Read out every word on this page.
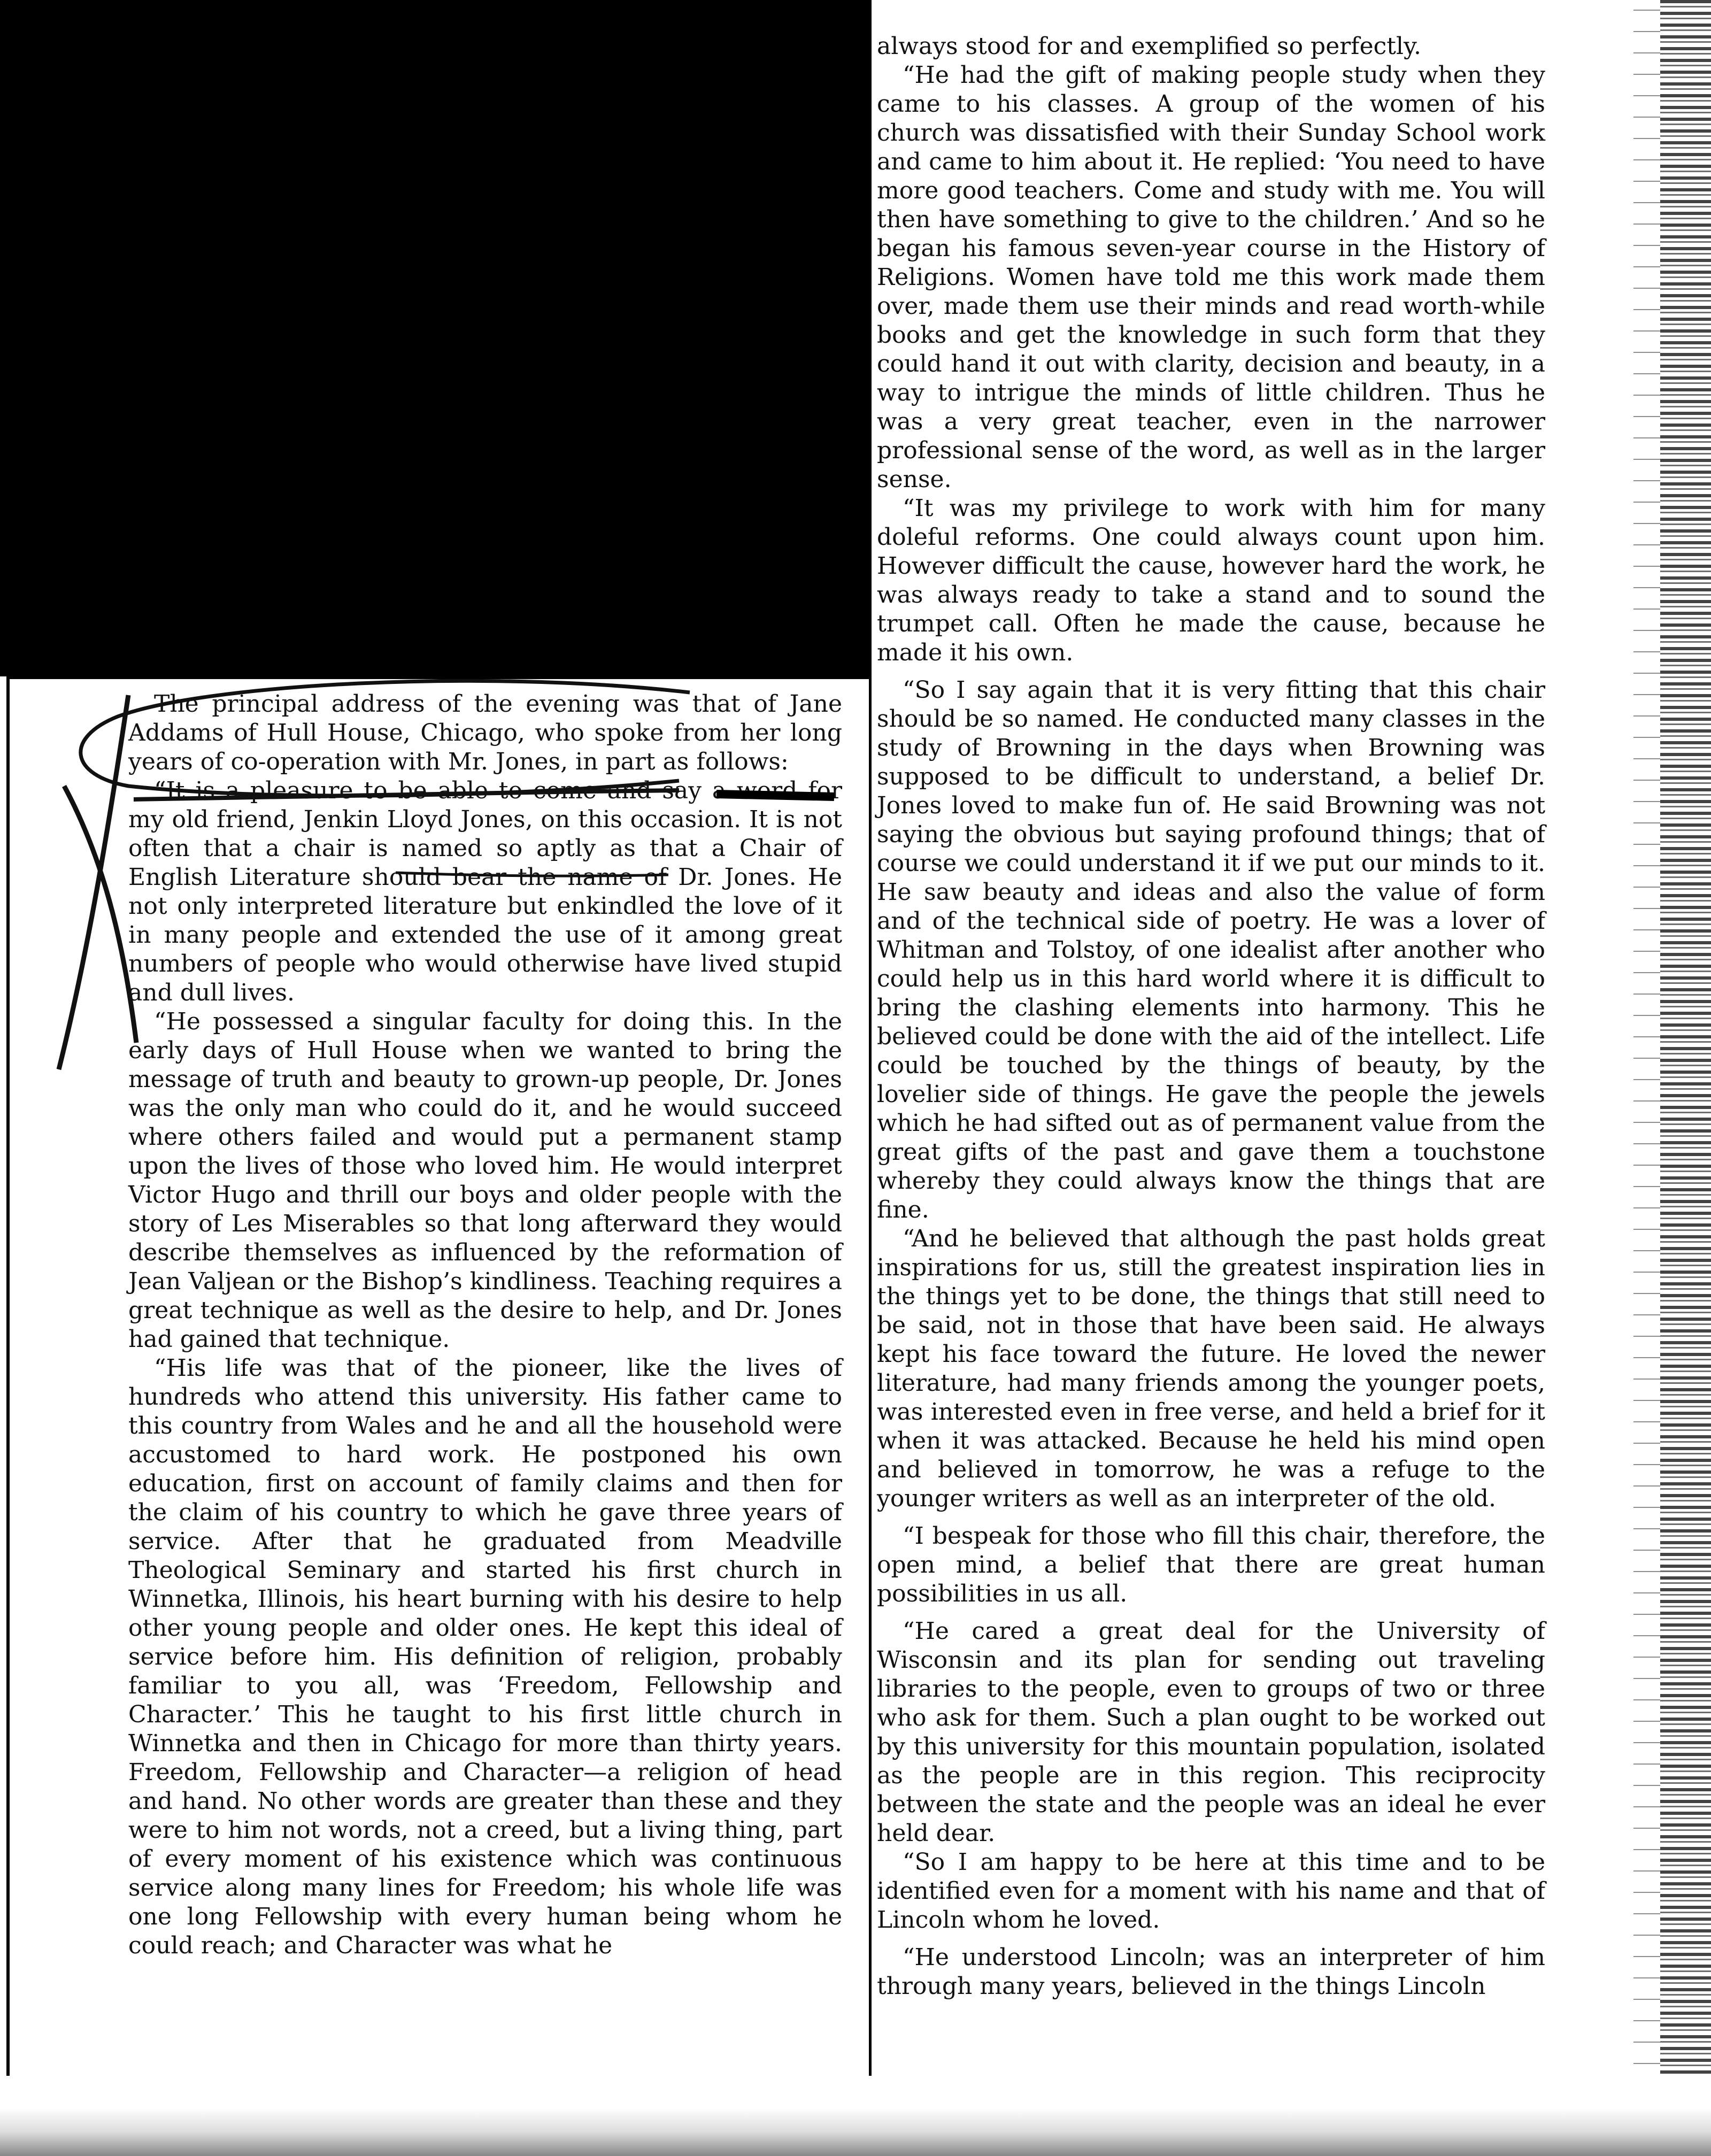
The principal address of the evening was that of Jane Addams of Hull House, Chicago, who spoke from her long years of co-operation with Mr. Jones, in part as follows:

“It is a pleasure to be able to come and say a word for my old friend, Jenkin Lloyd Jones, on this occasion. It is not often that a chair is named so aptly as that a Chair of English Literature should bear the name of Dr. Jones. He not only interpreted literature but enkindled the love of it in many people and extended the use of it among great numbers of people who would otherwise have lived stupid and dull lives.

“He possessed a singular faculty for doing this. In the early days of Hull House when we wanted to bring the message of truth and beauty to grown-up people, Dr. Jones was the only man who could do it, and he would succeed where others failed and would put a permanent stamp upon the lives of those who loved him. He would interpret Victor Hugo and thrill our boys and older people with the story of Les Miserables so that long afterward they would describe themselves as influenced by the reformation of Jean Valjean or the Bishop’s kindliness. Teaching requires a great technique as well as the desire to help, and Dr. Jones had gained that technique.

“His life was that of the pioneer, like the lives of hundreds who attend this university. His father came to this country from Wales and he and all the household were accustomed to hard work. He postponed his own education, first on account of family claims and then for the claim of his country to which he gave three years of service. After that he graduated from Meadville Theological Seminary and started his first church in Winnetka, Illinois, his heart burning with his desire to help other young people and older ones. He kept this ideal of service before him. His definition of religion, probably familiar to you all, was ‘Freedom, Fellowship and Character.’ This he taught to his first little church in Winnetka and then in Chicago for more than thirty years. Freedom, Fellowship and Character—a religion of head and hand. No other words are greater than these and they were to him not words, not a creed, but a living thing, part of every moment of his existence which was continuous service along many lines for Freedom; his whole life was one long Fellowship with every human being whom he could reach; and Character was what he

always stood for and exemplified so perfectly.

“He had the gift of making people study when they came to his classes. A group of the women of his church was dissatisfied with their Sunday School work and came to him about it. He replied: ‘You need to have more good teachers. Come and study with me. You will then have something to give to the children.’ And so he began his famous seven-year course in the History of Religions. Women have told me this work made them over, made them use their minds and read worth-while books and get the knowledge in such form that they could hand it out with clarity, decision and beauty, in a way to intrigue the minds of little children. Thus he was a very great teacher, even in the narrower professional sense of the word, as well as in the larger sense.

“It was my privilege to work with him for many doleful reforms. One could always count upon him. However difficult the cause, however hard the work, he was always ready to take a stand and to sound the trumpet call. Often he made the cause, because he made it his own.

“So I say again that it is very fitting that this chair should be so named. He conducted many classes in the study of Browning in the days when Browning was supposed to be difficult to understand, a belief Dr. Jones loved to make fun of. He said Browning was not saying the obvious but saying profound things; that of course we could understand it if we put our minds to it. He saw beauty and ideas and also the value of form and of the technical side of poetry. He was a lover of Whitman and Tolstoy, of one idealist after another who could help us in this hard world where it is difficult to bring the clashing elements into harmony. This he believed could be done with the aid of the intellect. Life could be touched by the things of beauty, by the lovelier side of things. He gave the people the jewels which he had sifted out as of permanent value from the great gifts of the past and gave them a touchstone whereby they could always know the things that are fine.

“And he believed that although the past holds great inspirations for us, still the greatest inspiration lies in the things yet to be done, the things that still need to be said, not in those that have been said. He always kept his face toward the future. He loved the newer literature, had many friends among the younger poets, was interested even in free verse, and held a brief for it when it was attacked. Because he held his mind open and believed in tomorrow, he was a refuge to the younger writers as well as an interpreter of the old.

“I bespeak for those who fill this chair, therefore, the open mind, a belief that there are great human possibilities in us all.

“He cared a great deal for the University of Wisconsin and its plan for sending out traveling libraries to the people, even to groups of two or three who ask for them. Such a plan ought to be worked out by this university for this mountain population, isolated as the people are in this region. This reciprocity between the state and the people was an ideal he ever held dear.

“So I am happy to be here at this time and to be identified even for a moment with his name and that of Lincoln whom he loved.

“He understood Lincoln; was an interpreter of him through many years, believed in the things Lincoln
